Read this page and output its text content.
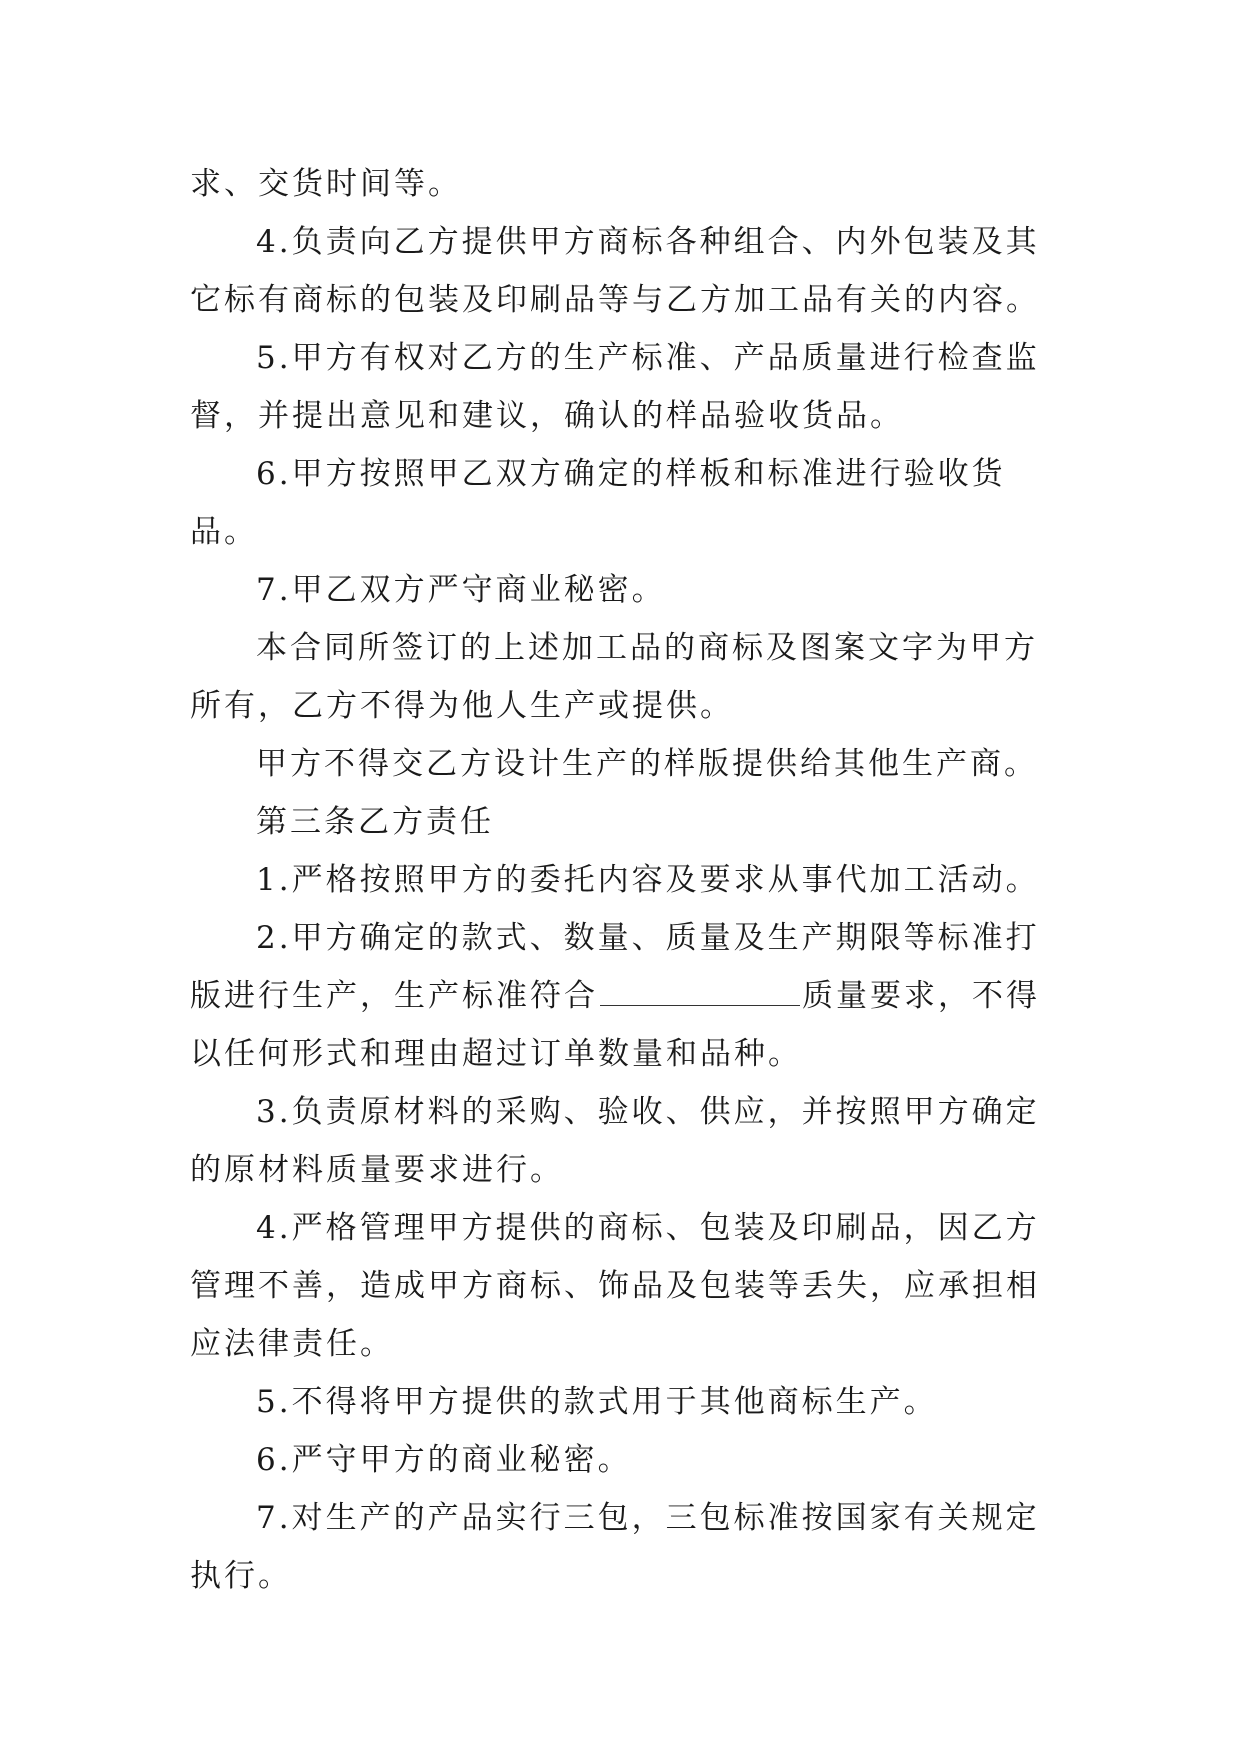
求、交货时间等。

4.负责向乙方提供甲方商标各种组合、内外包装及其它标有商标的包装及印刷品等与乙方加工品有关的内容。

5.甲方有权对乙方的生产标准、产品质量进行检查监督，并提出意见和建议，确认的样品验收货品。

6.甲方按照甲乙双方确定的样板和标准进行验收货品。

7.甲乙双方严守商业秘密。

本合同所签订的上述加工品的商标及图案文字为甲方所有，乙方不得为他人生产或提供。

甲方不得交乙方设计生产的样版提供给其他生产商。

第三条乙方责任

1.严格按照甲方的委托内容及要求从事代加工活动。

2.甲方确定的款式、数量、质量及生产期限等标准打版进行生产，生产标准符合	质量要求，不得以任何形式和理由超过订单数量和品种。

3.负责原材料的采购、验收、供应，并按照甲方确定的原材料质量要求进行。

4.严格管理甲方提供的商标、包装及印刷品，因乙方管理不善，造成甲方商标、饰品及包装等丢失，应承担相应法律责任。

5.不得将甲方提供的款式用于其他商标生产。

6.严守甲方的商业秘密。

7.对生产的产品实行三包，三包标准按国家有关规定执行。
